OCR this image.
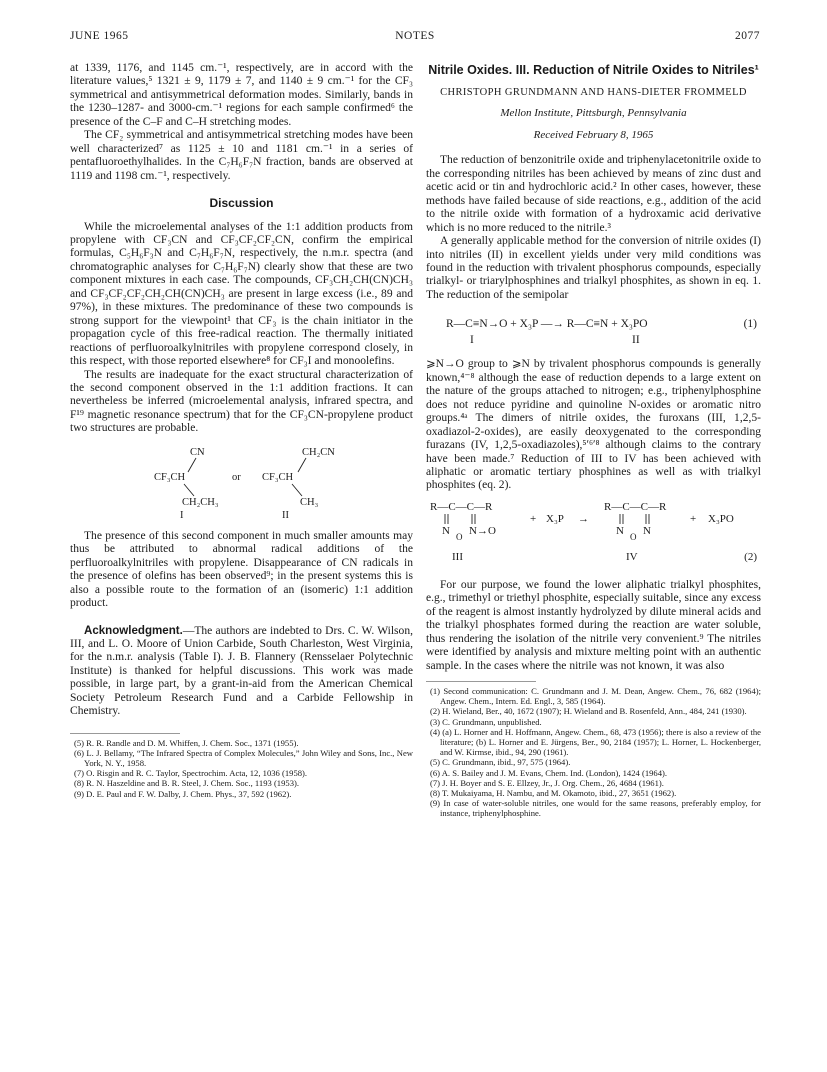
JUNE 1965	NOTES	2077

at 1339, 1176, and 1145 cm.⁻¹, respectively, are in accord with the literature values,⁵ 1321 ± 9, 1179 ± 7, and 1140 ± 9 cm.⁻¹ for the CF₃ symmetrical and antisymmetrical deformation modes. Similarly, bands in the 1230–1287- and 3000-cm.⁻¹ regions for each sample confirmed⁶ the presence of the C–F and C–H stretching modes.

The CF₂ symmetrical and antisymmetrical stretching modes have been well characterized⁷ as 1125 ± 10 and 1181 cm.⁻¹ in a series of pentafluoroethylhalides. In the C₇H₆F₇N fraction, bands are observed at 1119 and 1198 cm.⁻¹, respectively.

Discussion

While the microelemental analyses of the 1:1 addition products from propylene with CF₃CN and CF₃CF₂CF₂CN, confirm the empirical formulas, C₅H₆F₃N and C₇H₆F₇N, respectively, the n.m.r. spectra (and chromatographic analyses for C₇H₆F₇N) clearly show that these are two component mixtures in each case. The compounds, CF₃CH₂CH(CN)CH₃ and CF₃CF₂CF₂CH₂CH(CN)CH₃ are present in large excess (i.e., 89 and 97%), in these mixtures. The predominance of these two compounds is strong support for the viewpoint¹ that CF₃ is the chain initiator in the propagation cycle of this free-radical reaction. The thermally initiated reactions of perfluoroalkylnitriles with propylene correspond closely, in this respect, with those reported elsewhere⁸ for CF₃I and monoolefins.

The results are inadequate for the exact structural characterization of the second component observed in the 1:1 addition fractions. It can nevertheless be inferred (microelemental analysis, infrared spectra, and F¹⁹ magnetic resonance spectrum) that for the CF₃CN-propylene product two structures are probable.

CN
CF₃CH
CH₂CH₃
I
or
CH₂CN
CF₃CH
CH₃
II

The presence of this second component in much smaller amounts may thus be attributed to abnormal radical additions of the perfluoroalkylnitriles with propylene. Disappearance of CN radicals in the presence of olefins has been observed⁹; in the present systems this is also a possible route to the formation of an (isomeric) 1:1 addition product.

Acknowledgment.—The authors are indebted to Drs. C. W. Wilson, III, and L. O. Moore of Union Carbide, South Charleston, West Virginia, for the n.m.r. analysis (Table I). J. B. Flannery (Rensselaer Polytechnic Institute) is thanked for helpful discussions. This work was made possible, in large part, by a grant-in-aid from the American Chemical Society Petroleum Research Fund and a Carbide Fellowship in Chemistry.

(5) R. R. Randle and D. M. Whiffen, J. Chem. Soc., 1371 (1955).
(6) L. J. Bellamy, “The Infrared Spectra of Complex Molecules,” John Wiley and Sons, Inc., New York, N. Y., 1958.
(7) O. Risgin and R. C. Taylor, Spectrochim. Acta, 12, 1036 (1958).
(8) R. N. Haszeldine and B. R. Steel, J. Chem. Soc., 1193 (1953).
(9) D. E. Paul and F. W. Dalby, J. Chem. Phys., 37, 592 (1962).
Nitrile Oxides. III. Reduction of Nitrile Oxides to Nitriles¹
CHRISTOPH GRUNDMANN AND HANS-DIETER FROMMELD
Mellon Institute, Pittsburgh, Pennsylvania
Received February 8, 1965

The reduction of benzonitrile oxide and triphenylacetonitrile oxide to the corresponding nitriles has been achieved by means of zinc dust and acetic acid or tin and hydrochloric acid.² In other cases, however, these methods have failed because of side reactions, e.g., addition of the acid to the nitrile oxide with formation of a hydroxamic acid derivative which is no more reduced to the nitrile.³

A generally applicable method for the conversion of nitrile oxides (I) into nitriles (II) in excellent yields under very mild conditions was found in the reduction with trivalent phosphorus compounds, especially trialkyl- or triarylphosphines and trialkyl phosphites, as shown in eq. 1. The reduction of the semipolar

R—C≡N→O + X₃P —→ R—C≡N + X₃PO	(1)
I	II

⩾N→O group to ⩾N by trivalent phosphorus compounds is generally known,⁴⁻⁸ although the ease of reduction depends to a large extent on the nature of the groups attached to nitrogen; e.g., triphenylphosphine does not reduce pyridine and quinoline N-oxides or aromatic nitro groups.⁴ᵃ The dimers of nitrile oxides, the furoxans (III, 1,2,5-oxadiazol-2-oxides), are easily deoxygenated to the corresponding furazans (IV, 1,2,5-oxadiazoles),⁵ʹ⁶ʹ⁸ although claims to the contrary have been made.⁷ Reduction of III to IV has been achieved with aliphatic or aromatic tertiary phosphines as well as with trialkyl phosphites (eq. 2).

R—C—C—R
N O N→O
+ X₃P →
R—C—C—R
N O N
+ X₃PO
III	IV	(2)

For our purpose, we found the lower aliphatic trialkyl phosphites, e.g., trimethyl or triethyl phosphite, especially suitable, since any excess of the reagent is almost instantly hydrolyzed by dilute mineral acids and the trialkyl phosphates formed during the reaction are water soluble, thus rendering the isolation of the nitrile very convenient.⁹ The nitriles were identified by analysis and mixture melting point with an authentic sample. In the cases where the nitrile was not known, it was also

(1) Second communication: C. Grundmann and J. M. Dean, Angew. Chem., 76, 682 (1964); Angew. Chem., Intern. Ed. Engl., 3, 585 (1964).
(2) H. Wieland, Ber., 40, 1672 (1907); H. Wieland and B. Rosenfeld, Ann., 484, 241 (1930).
(3) C. Grundmann, unpublished.
(4) (a) L. Horner and H. Hoffmann, Angew. Chem., 68, 473 (1956); there is also a review of the literature; (b) L. Horner and E. Jürgens, Ber., 90, 2184 (1957); L. Horner, L. Hockenberger, and W. Kirmse, ibid., 94, 290 (1961).
(5) C. Grundmann, ibid., 97, 575 (1964).
(6) A. S. Bailey and J. M. Evans, Chem. Ind. (London), 1424 (1964).
(7) J. H. Boyer and S. E. Ellzey, Jr., J. Org. Chem., 26, 4684 (1961).
(8) T. Mukaiyama, H. Nambu, and M. Okamoto, ibid., 27, 3651 (1962).
(9) In case of water-soluble nitriles, one would for the same reasons, preferably employ, for instance, triphenylphosphine.
